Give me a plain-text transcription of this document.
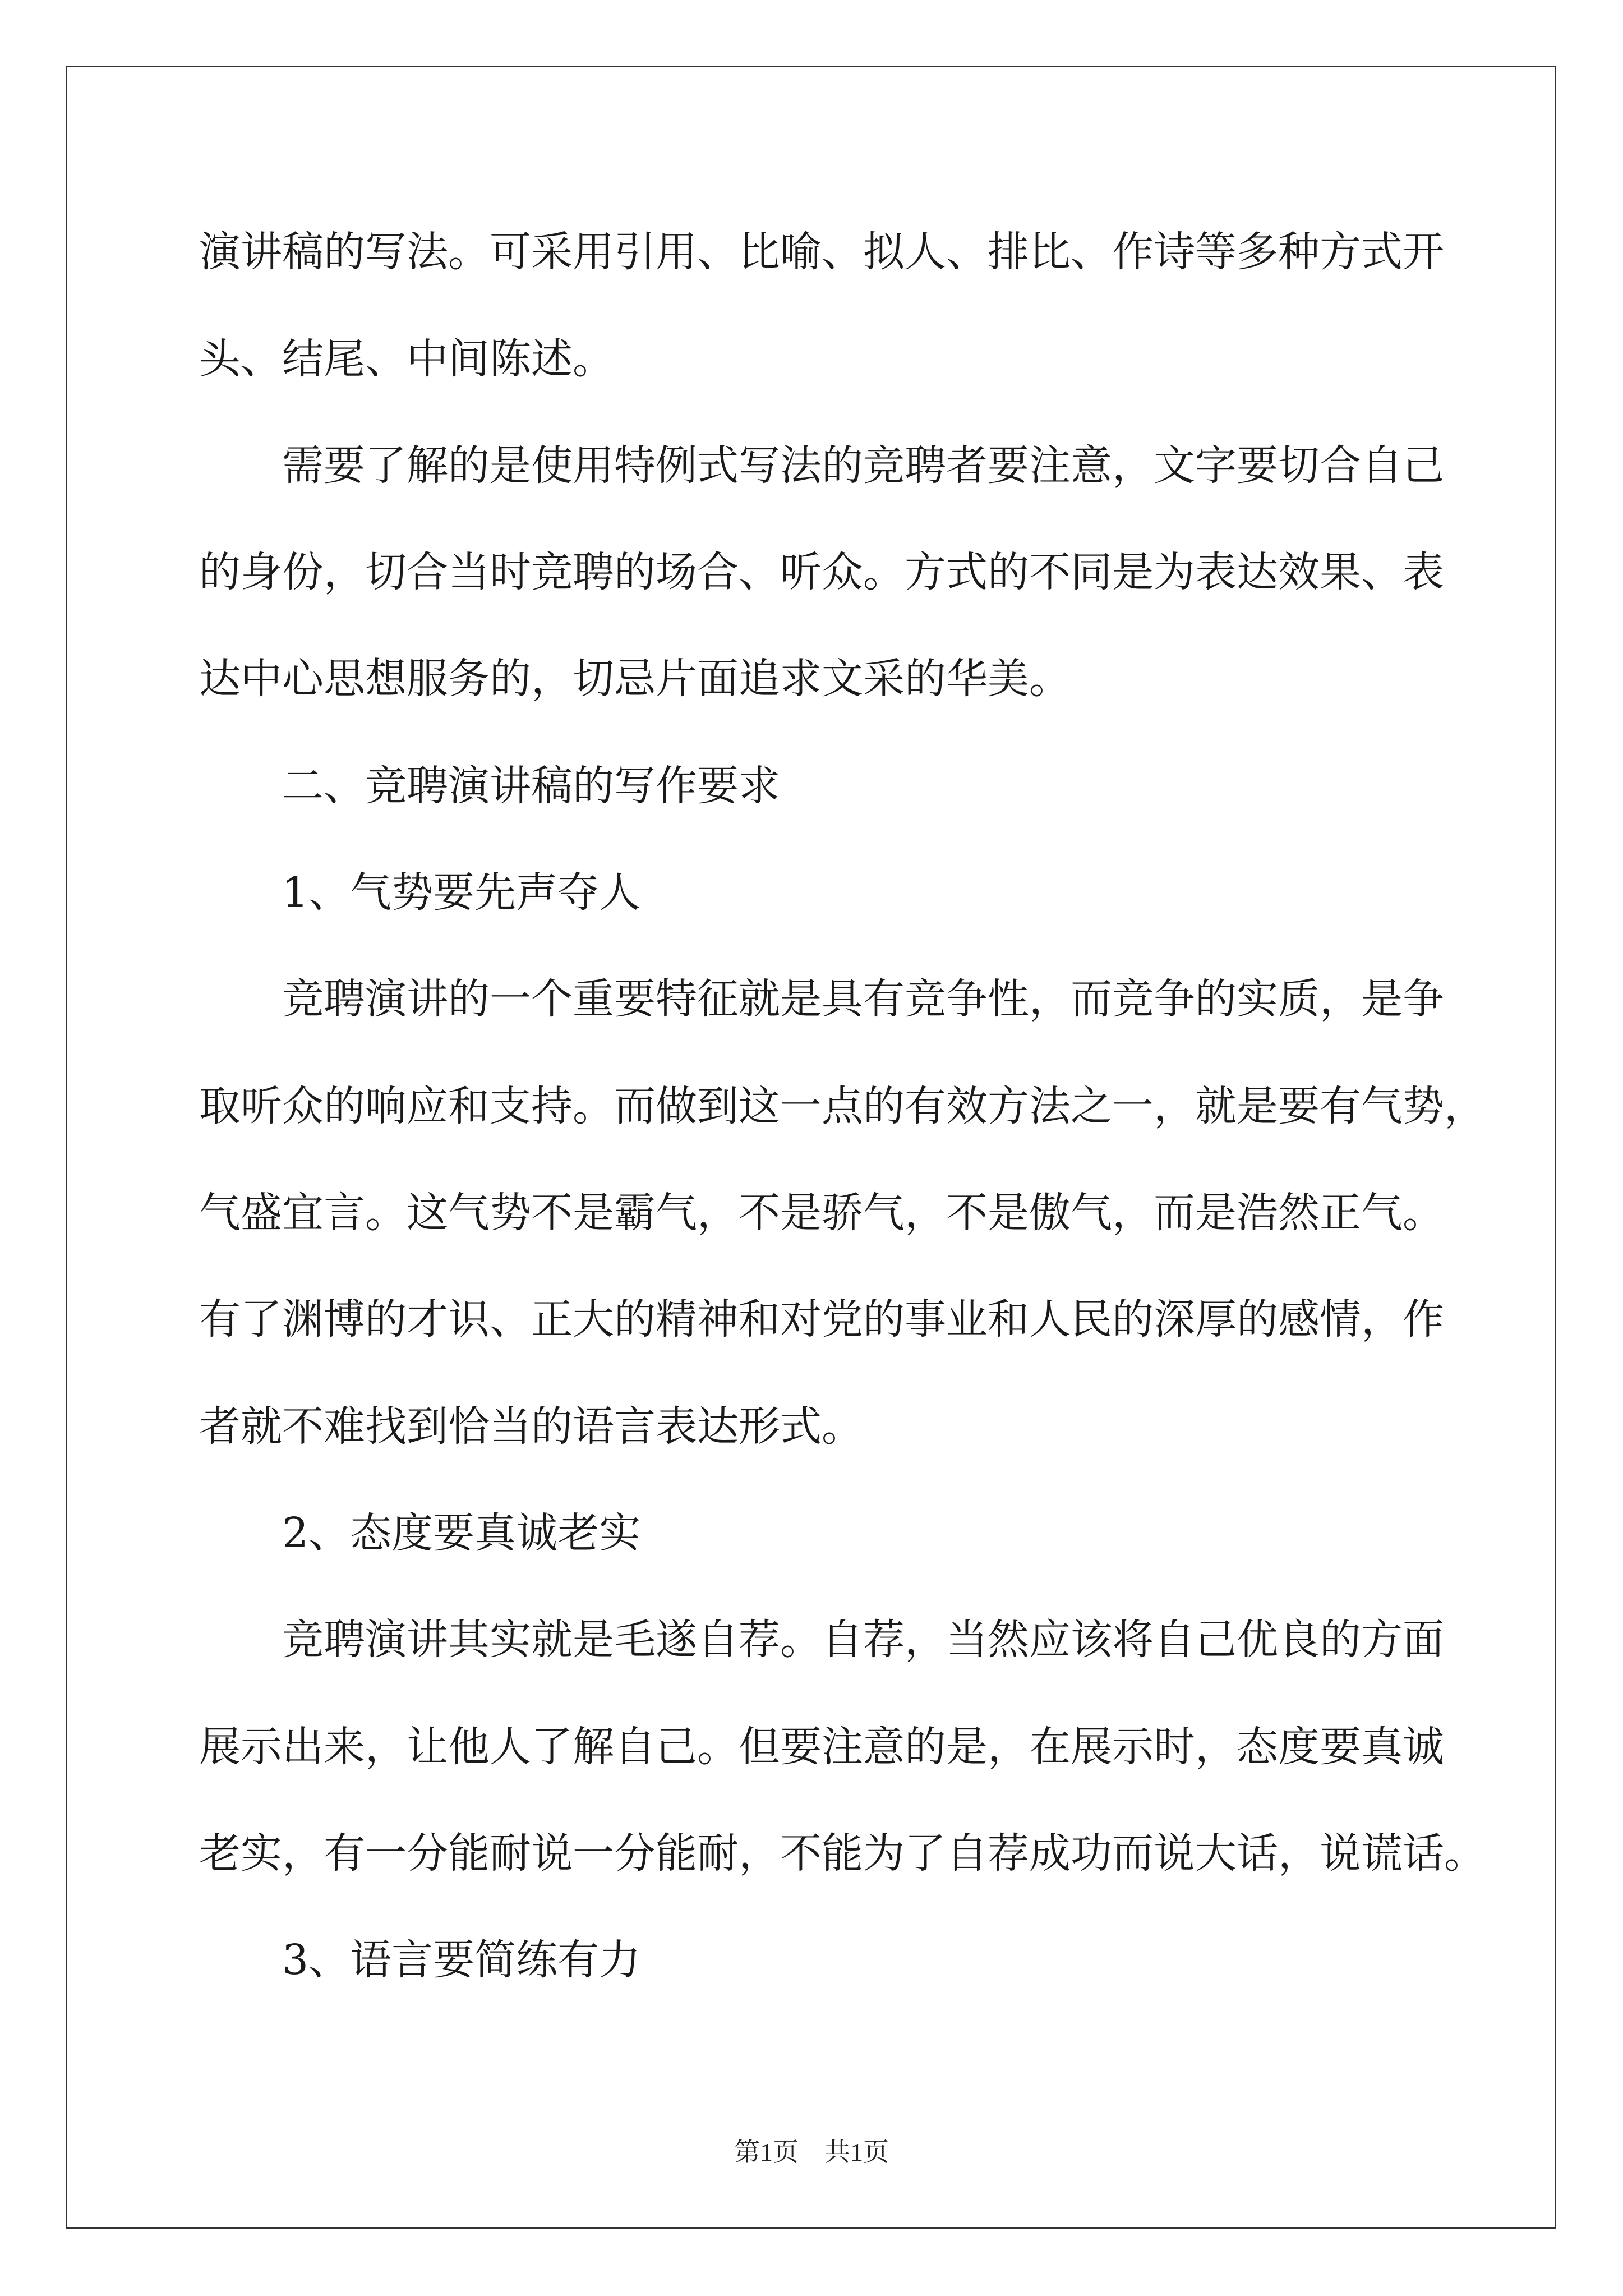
演讲稿的写法。可采用引用、比喻、拟人、排比、作诗等多种方式开
头、结尾、中间陈述。
需要了解的是使用特例式写法的竞聘者要注意，文字要切合自己
的身份，切合当时竞聘的场合、听众。方式的不同是为表达效果、表
达中心思想服务的，切忌片面追求文采的华美。
二、竞聘演讲稿的写作要求
1、气势要先声夺人
竞聘演讲的一个重要特征就是具有竞争性，而竞争的实质，是争
取听众的响应和支持。而做到这一点的有效方法之一，就是要有气势，
气盛宜言。这气势不是霸气，不是骄气，不是傲气，而是浩然正气。
有了渊博的才识、正大的精神和对党的事业和人民的深厚的感情，作
者就不难找到恰当的语言表达形式。
2、态度要真诚老实
竞聘演讲其实就是毛遂自荐。自荐，当然应该将自己优良的方面
展示出来，让他人了解自己。但要注意的是，在展示时，态度要真诚
老实，有一分能耐说一分能耐，不能为了自荐成功而说大话，说谎话。
3、语言要简练有力
第1页　共1页
